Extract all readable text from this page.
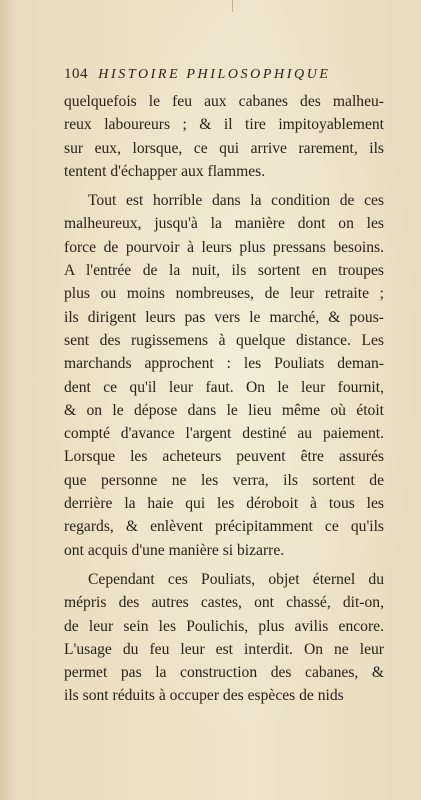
104 HISTOIRE PHILOSOPHIQUE
quelquefois le feu aux cabanes des malheu-
reux laboureurs ; & il tire impitoyablement
sur eux, lorsque, ce qui arrive rarement, ils
tentent d'échapper aux flammes.
Tout est horrible dans la condition de ces
malheureux, jusqu'à la manière dont on les
force de pourvoir à leurs plus pressans besoins.
A l'entrée de la nuit, ils sortent en troupes
plus ou moins nombreuses, de leur retraite ;
ils dirigent leurs pas vers le marché, & pous-
sent des rugissemens à quelque distance. Les
marchands approchent : les Pouliats deman-
dent ce qu'il leur faut. On le leur fournit,
& on le dépose dans le lieu même où étoit
compté d'avance l'argent destiné au paiement.
Lorsque les acheteurs peuvent être assurés
que personne ne les verra, ils sortent de
derrière la haie qui les déroboit à tous les
regards, & enlèvent précipitamment ce qu'ils
ont acquis d'une manière si bizarre.
Cependant ces Pouliats, objet éternel du
mépris des autres castes, ont chassé, dit-on,
de leur sein les Poulichis, plus avilis encore.
L'usage du feu leur est interdit. On ne leur
permet pas la construction des cabanes, &
ils sont réduits à occuper des espèces de nids
